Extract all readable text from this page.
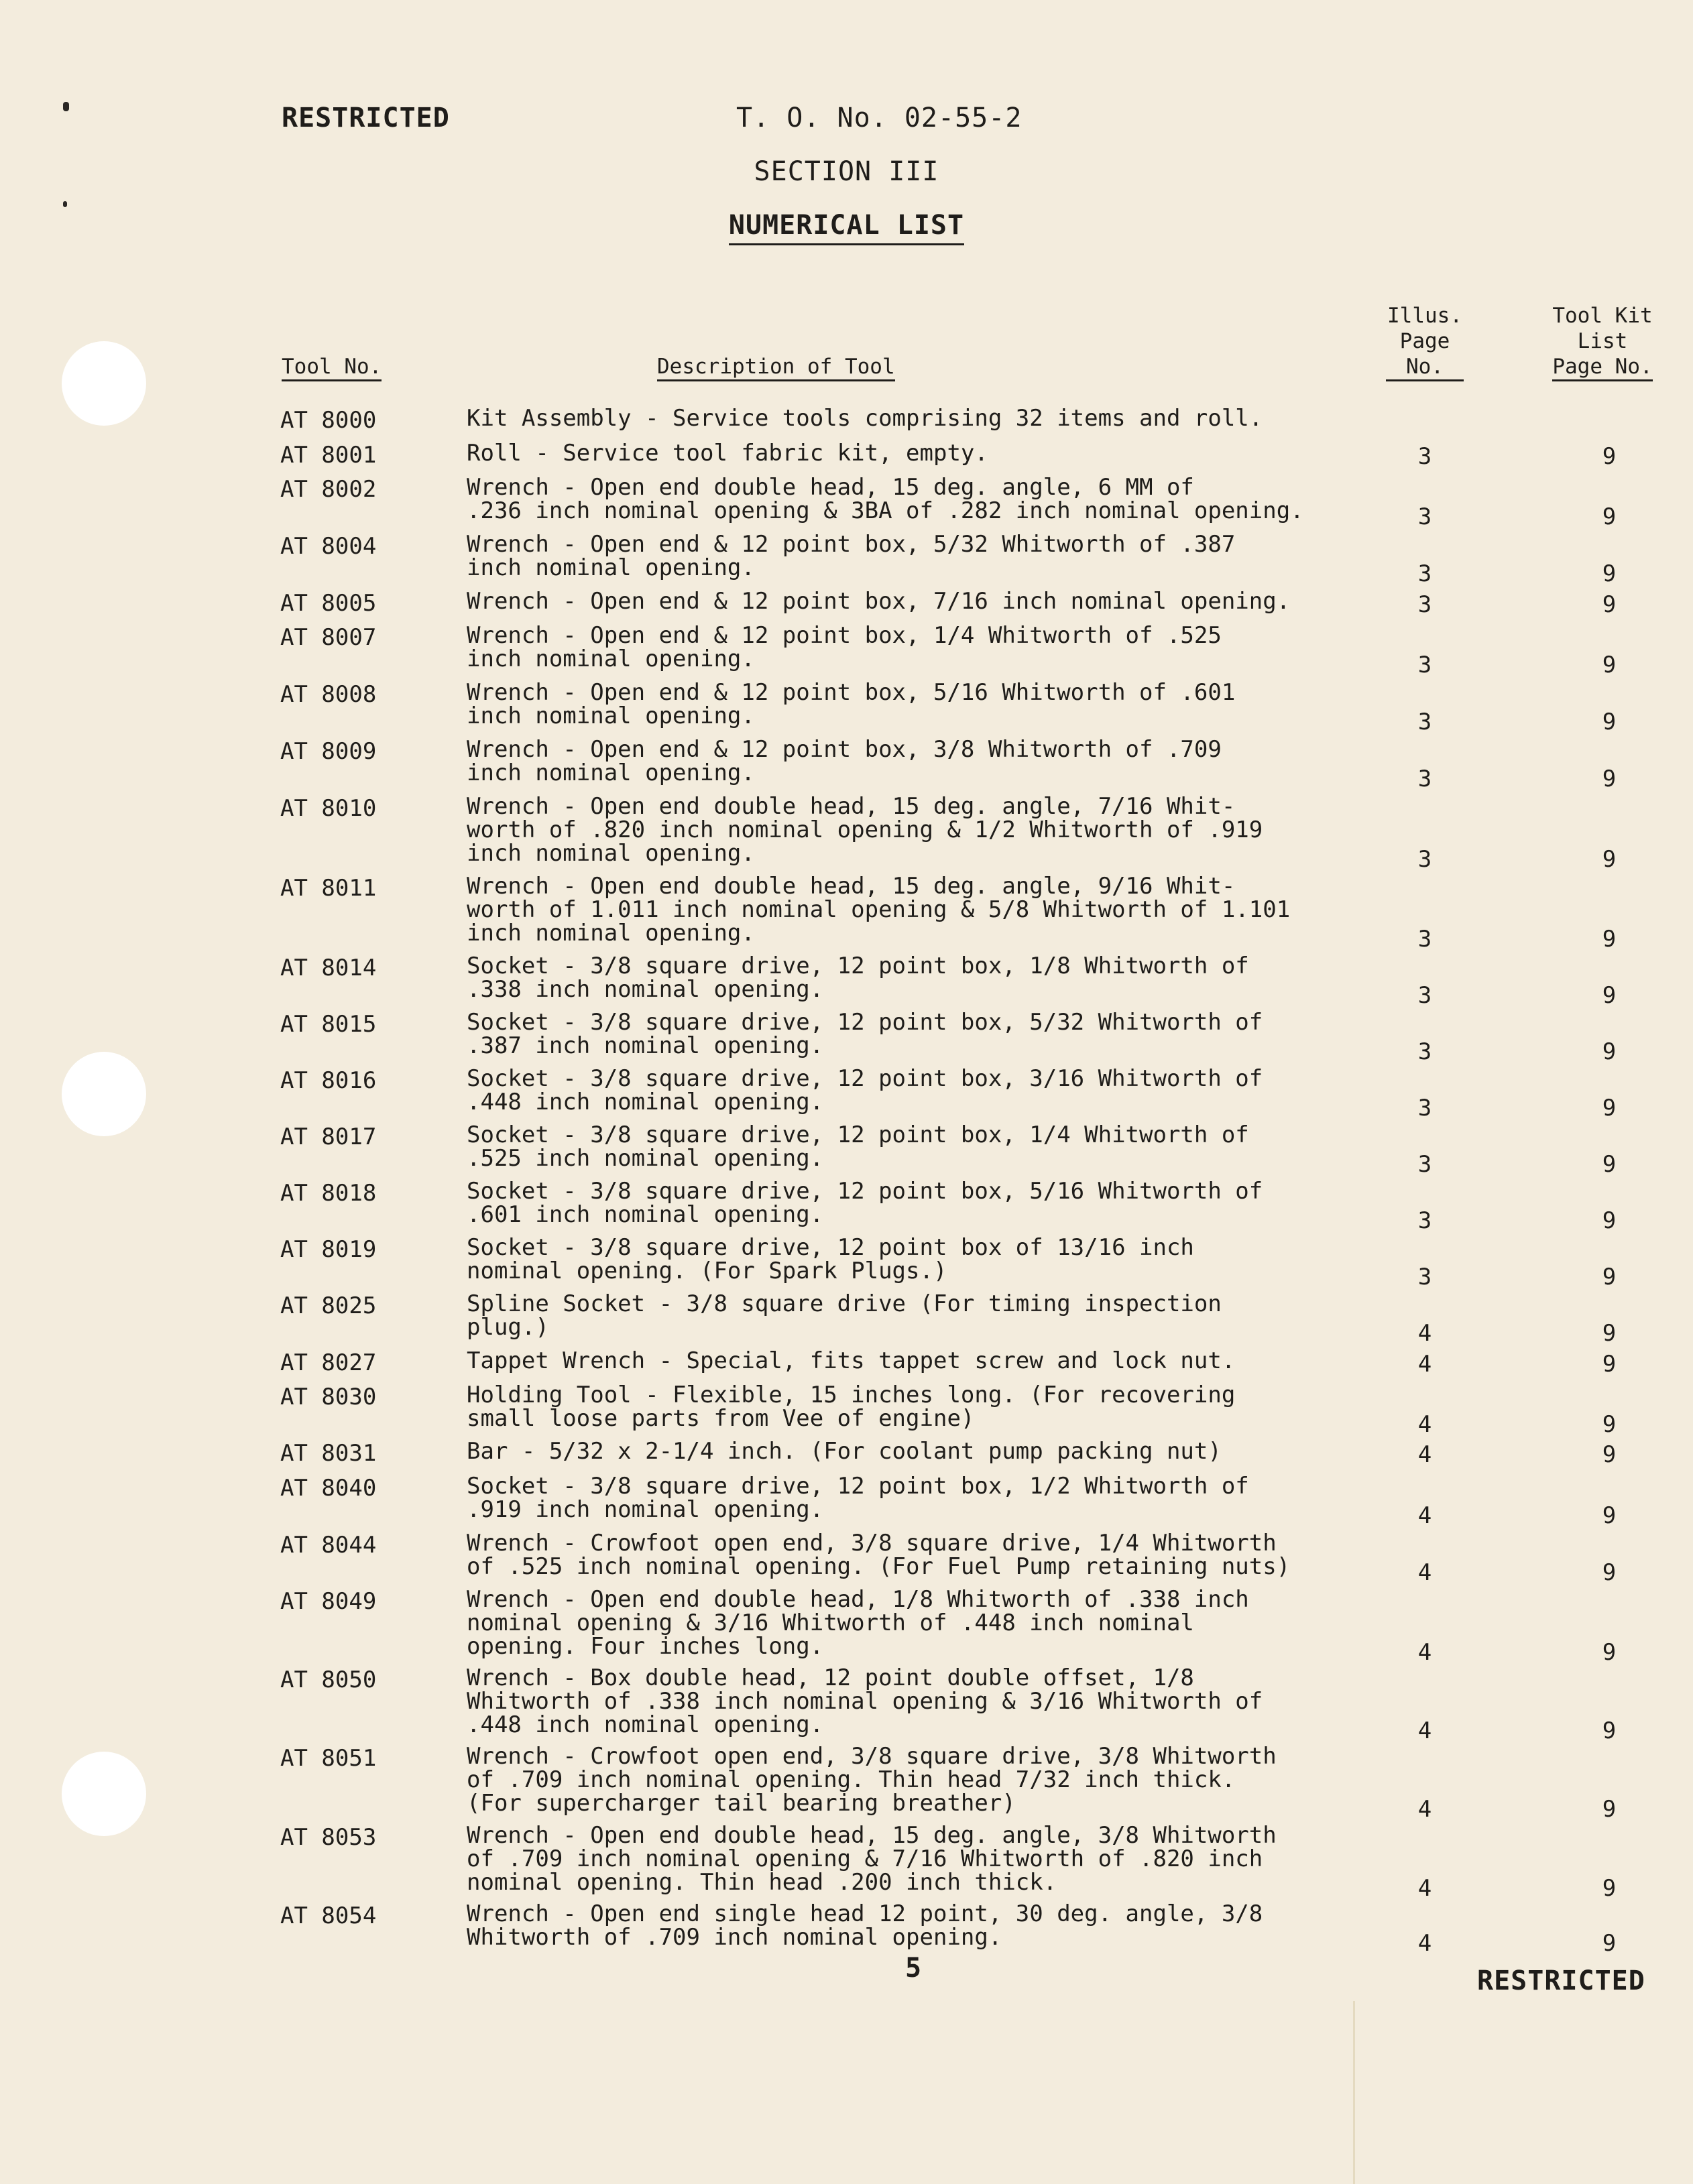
RESTRICTED	T. O. No. 02-55-2
SECTION III
NUMERICAL LIST
Tool No.	Description of Tool
Illus.
Page
No.
Tool Kit
List
Page No.
AT 8000	Kit Assembly - Service tools comprising 32 items and roll.
AT 8001	Roll - Service tool fabric kit, empty.	3	9
AT 8002	Wrench - Open end double head, 15 deg. angle, 6 MM of
.236 inch nominal opening & 3BA of .282 inch nominal opening.	3	9
AT 8004	Wrench - Open end & 12 point box, 5/32 Whitworth of .387
inch nominal opening.	3	9
AT 8005	Wrench - Open end & 12 point box, 7/16 inch nominal opening.	3	9
AT 8007	Wrench - Open end & 12 point box, 1/4 Whitworth of .525
inch nominal opening.	3	9
AT 8008	Wrench - Open end & 12 point box, 5/16 Whitworth of .601
inch nominal opening.	3	9
AT 8009	Wrench - Open end & 12 point box, 3/8 Whitworth of .709
inch nominal opening.	3	9
AT 8010	Wrench - Open end double head, 15 deg. angle, 7/16 Whit-
worth of .820 inch nominal opening & 1/2 Whitworth of .919
inch nominal opening.	3	9
AT 8011	Wrench - Open end double head, 15 deg. angle, 9/16 Whit-
worth of 1.011 inch nominal opening & 5/8 Whitworth of 1.101
inch nominal opening.	3	9
AT 8014	Socket - 3/8 square drive, 12 point box, 1/8 Whitworth of
.338 inch nominal opening.	3	9
AT 8015	Socket - 3/8 square drive, 12 point box, 5/32 Whitworth of
.387 inch nominal opening.	3	9
AT 8016	Socket - 3/8 square drive, 12 point box, 3/16 Whitworth of
.448 inch nominal opening.	3	9
AT 8017	Socket - 3/8 square drive, 12 point box, 1/4 Whitworth of
.525 inch nominal opening.	3	9
AT 8018	Socket - 3/8 square drive, 12 point box, 5/16 Whitworth of
.601 inch nominal opening.	3	9
AT 8019	Socket - 3/8 square drive, 12 point box of 13/16 inch
nominal opening. (For Spark Plugs.)	3	9
AT 8025	Spline Socket - 3/8 square drive (For timing inspection
plug.)	4	9
AT 8027	Tappet Wrench - Special, fits tappet screw and lock nut.	4	9
AT 8030	Holding Tool - Flexible, 15 inches long. (For recovering
small loose parts from Vee of engine)	4	9
AT 8031	Bar - 5/32 x 2-1/4 inch. (For coolant pump packing nut)	4	9
AT 8040	Socket - 3/8 square drive, 12 point box, 1/2 Whitworth of
.919 inch nominal opening.	4	9
AT 8044	Wrench - Crowfoot open end, 3/8 square drive, 1/4 Whitworth
of .525 inch nominal opening. (For Fuel Pump retaining nuts)	4	9
AT 8049	Wrench - Open end double head, 1/8 Whitworth of .338 inch
nominal opening & 3/16 Whitworth of .448 inch nominal
opening. Four inches long.	4	9
AT 8050	Wrench - Box double head, 12 point double offset, 1/8
Whitworth of .338 inch nominal opening & 3/16 Whitworth of
.448 inch nominal opening.	4	9
AT 8051	Wrench - Crowfoot open end, 3/8 square drive, 3/8 Whitworth
of .709 inch nominal opening. Thin head 7/32 inch thick.
(For supercharger tail bearing breather)	4	9
AT 8053	Wrench - Open end double head, 15 deg. angle, 3/8 Whitworth
of .709 inch nominal opening & 7/16 Whitworth of .820 inch
nominal opening. Thin head .200 inch thick.	4	9
AT 8054	Wrench - Open end single head 12 point, 30 deg. angle, 3/8
Whitworth of .709 inch nominal opening.	4	9
5	RESTRICTED
